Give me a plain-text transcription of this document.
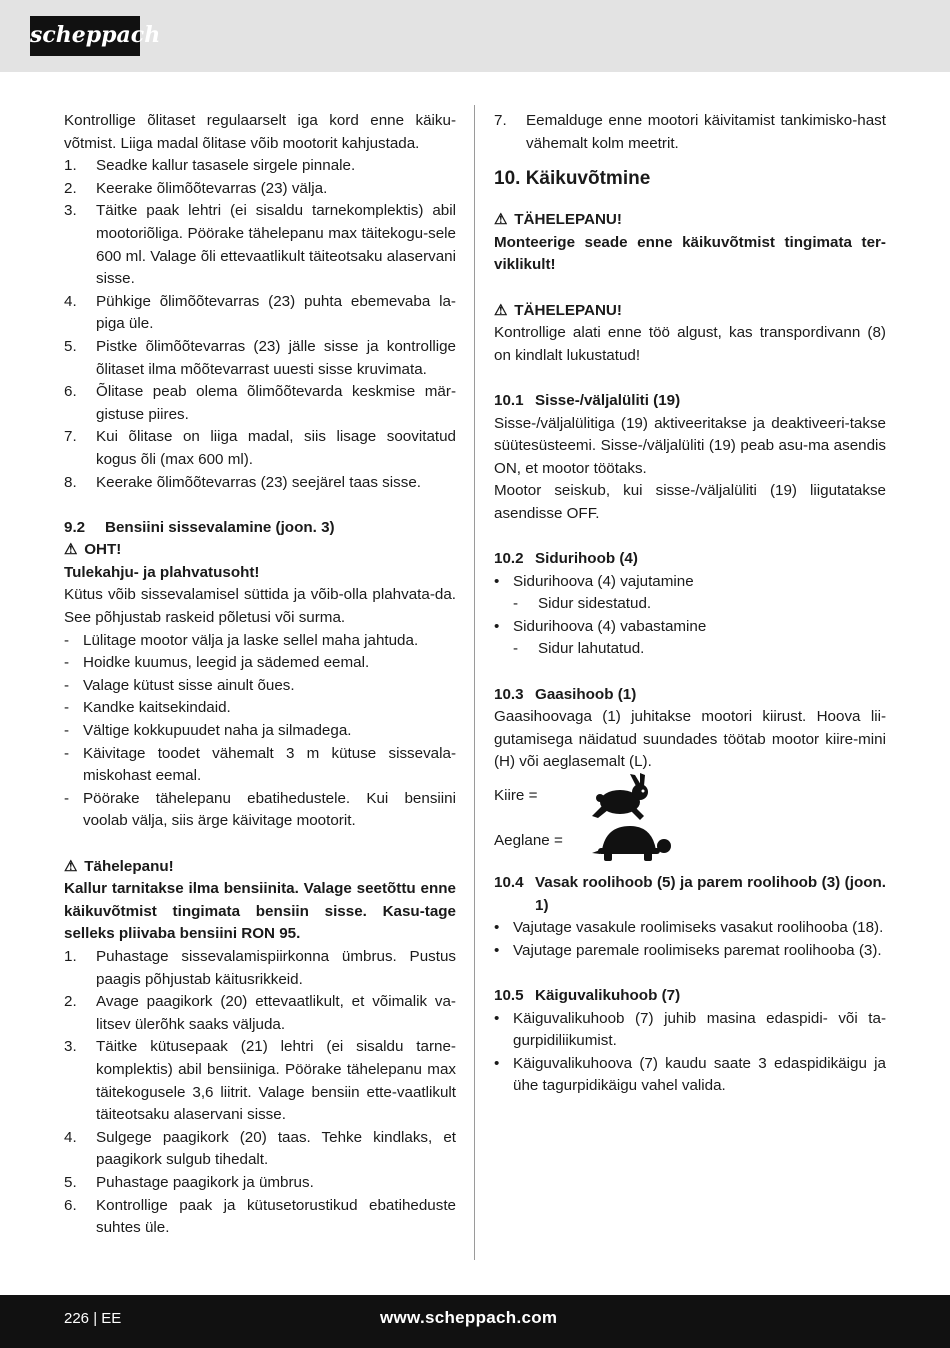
scheppach

Kontrollige õlitaset regulaarselt iga kord enne käiku-võtmist. Liiga madal õlitase võib mootorit kahjustada.

1.	Seadke kallur tasasele sirgele pinnale.
2.	Keerake õlimõõtevarras (23) välja.
3.	Täitke paak lehtri (ei sisaldu tarnekomplektis) abil mootoriõliga. Pöörake tähelepanu max täitekogu-sele 600 ml. Valage õli ettevaatlikult täiteotsaku alaservani sisse.
4.	Pühkige õlimõõtevarras (23) puhta ebemevaba la-piga üle.
5.	Pistke õlimõõtevarras (23) jälle sisse ja kontrollige õlitaset ilma mõõtevarrast uuesti sisse kruvimata.
6.	Õlitase peab olema õlimõõtevarda keskmise mär-gistuse piires.
7.	Kui õlitase on liiga madal, siis lisage soovitatud kogus õli (max 600 ml).
8.	Keerake õlimõõtevarras (23) seejärel taas sisse.
9.2	Bensiini sissevalamine (joon. 3)
⚠ OHT!

Tulekahju- ja plahvatusoht!

Kütus võib sissevalamisel süttida ja võib-olla plahvata-da. See põhjustab raskeid põletusi või surma.

- Lülitage mootor välja ja laske sellel maha jahtuda.
- Hoidke kuumus, leegid ja sädemed eemal.
- Valage kütust sisse ainult õues.
- Kandke kaitsekindaid.
- Vältige kokkupuudet naha ja silmadega.
- Käivitage toodet vähemalt 3 m kütuse sissevala-miskohast eemal.
- Pöörake tähelepanu ebatihedustele. Kui bensiini voolab välja, siis ärge käivitage mootorit.
⚠ Tähelepanu!

Kallur tarnitakse ilma bensiinita. Valage seetõttu enne käikuvõtmist tingimata bensiin sisse. Kasu-tage selleks pliivaba bensiini RON 95.

1.	Puhastage sissevalamispiirkonna ümbrus. Pustus paagis põhjustab käitusrikkeid.
2.	Avage paagikork (20) ettevaatlikult, et võimalik va-litsev ülerõhk saaks väljuda.
3.	Täitke kütusepaak (21) lehtri (ei sisaldu tarne-komplektis) abil bensiiniga. Pöörake tähelepanu max täitekogusele 3,6 liitrit. Valage bensiin ette-vaatlikult täiteotsaku alaservani sisse.
4.	Sulgege paagikork (20) taas. Tehke kindlaks, et paagikork sulgub tihedalt.
5.	Puhastage paagikork ja ümbrus.
6.	Kontrollige paak ja kütusetorustikud ebatiheduste suhtes üle.
7.	Eemalduge enne mootori käivitamist tankimisko-hast vähemalt kolm meetrit.
10. Käikuvõtmine
⚠ TÄHELEPANU!

Monteerige seade enne käikuvõtmist tingimata ter-viklikult!

⚠ TÄHELEPANU!

Kontrollige alati enne töö algust, kas transpordivann (8) on kindlalt lukustatud!

10.1 Sisse-/väljalüliti (19)

Sisse-/väljalülitiga (19) aktiveeritakse ja deaktiveeri-takse süütesüsteemi. Sisse-/väljalüliti (19) peab asu-ma asendis ON, et mootor töötaks.

Mootor seiskub, kui sisse-/väljalüliti (19) liigutatakse asendisse OFF.

10.2 Sidurihoob (4)
• Sidurihoova (4) vajutamine
-	Sidur sidestatud.
• Sidurihoova (4) vabastamine
-	Sidur lahutatud.
10.3 Gaasihoob (1)

Gaasihoovaga (1) juhitakse mootori kiirust. Hoova lii-gutamisega näidatud suundades töötab mootor kiire-mini (H) või aeglasemalt (L).

Kiire =
Aeglane =
10.4 Vasak roolihoob (5) ja parem roolihoob (3) (joon. 1)
• Vajutage vasakule roolimiseks vasakut roolihooba (18).
• Vajutage paremale roolimiseks paremat roolihooba (3).
10.5 Käiguvalikuhoob (7)
• Käiguvalikuhoob (7) juhib masina edaspidi- või ta-gurpidiliikumist.
• Käiguvalikuhoova (7) kaudu saate 3 edaspidikäigu ja ühe tagurpidikäigu vahel valida.
226 | EE	www.scheppach.com
